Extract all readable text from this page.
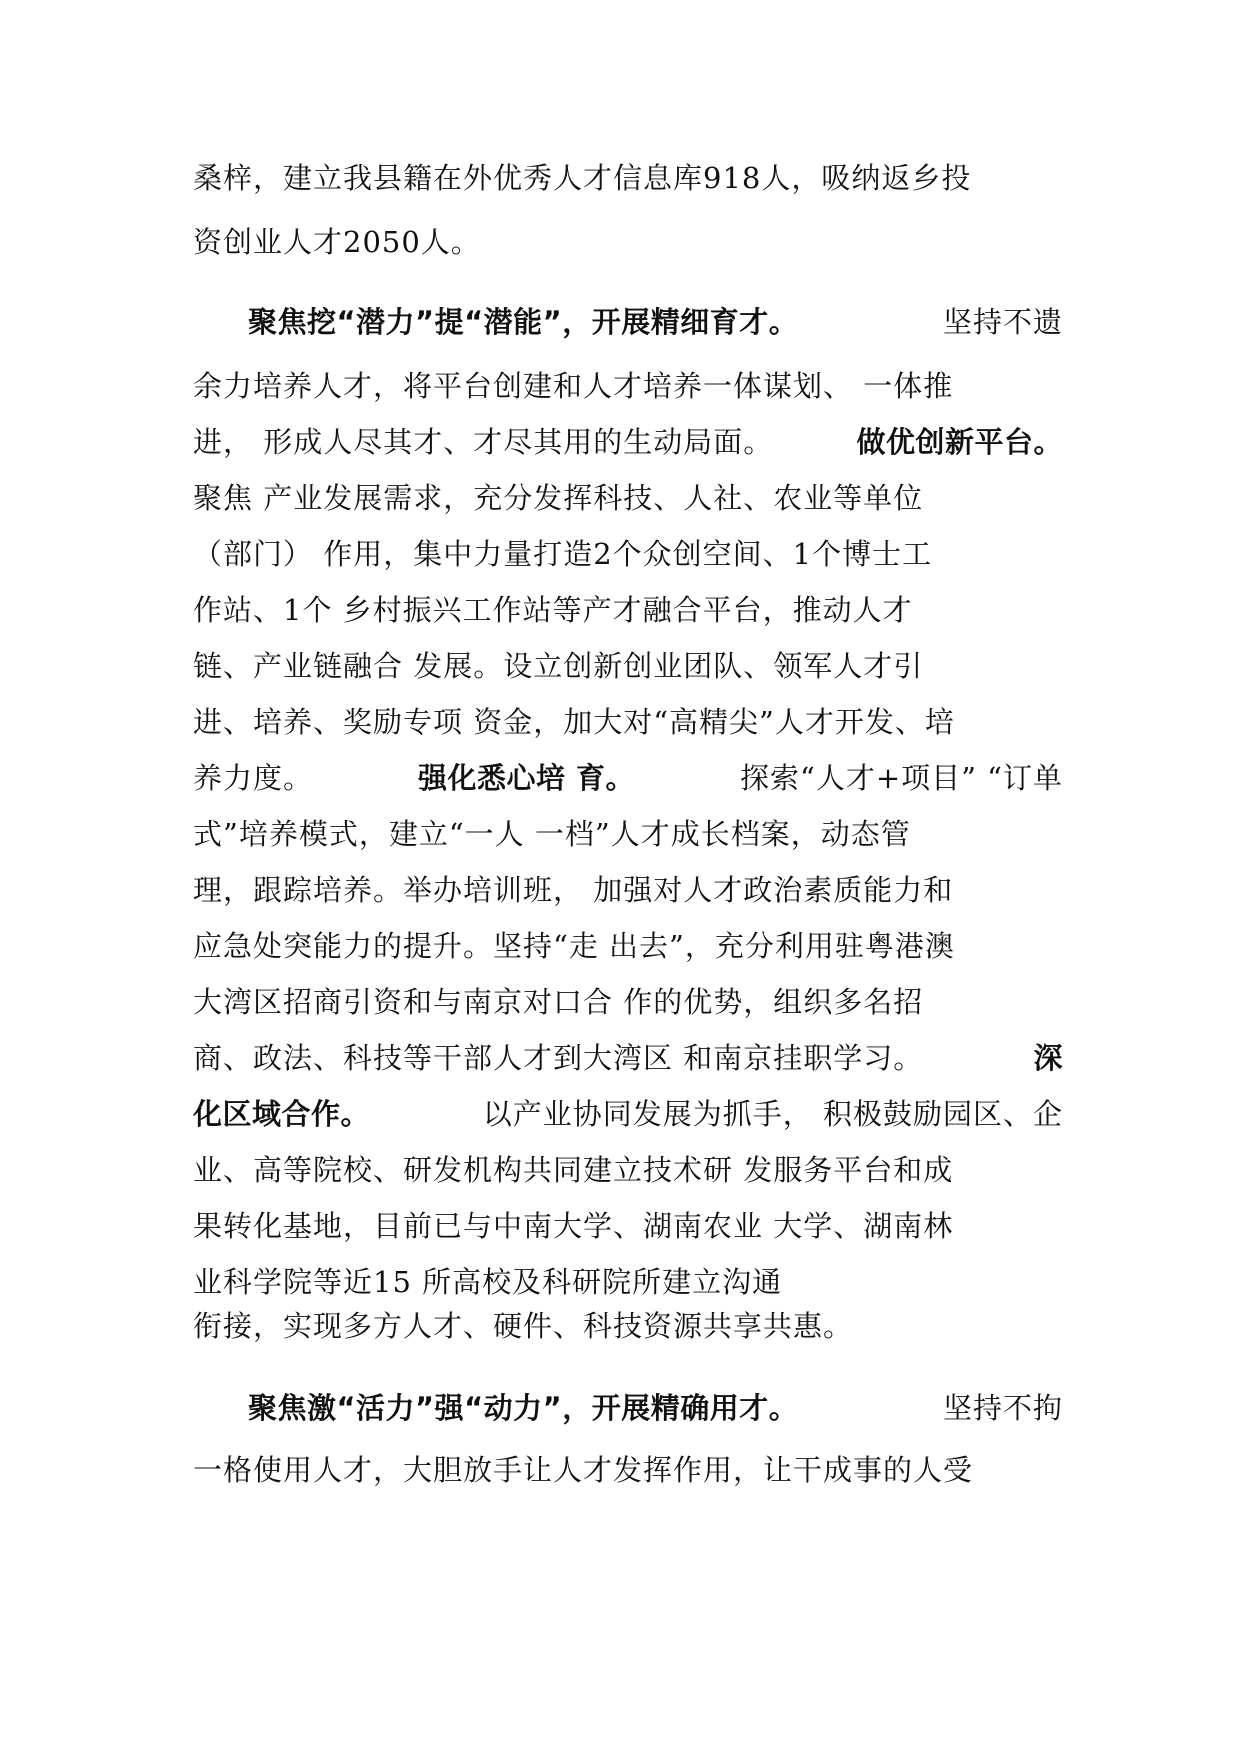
桑梓，建立我县籍在外优秀人才信息库918人，吸纳返乡投
资创业人才2050人。
聚焦挖“潜力”提“潜能”，开展精细育才。	坚持不遗
余力培养人才，将平台创建和人才培养一体谋划、 一体推
进， 形成人尽其才、才尽其用的生动局面。	做优创新平台。
聚焦 产业发展需求，充分发挥科技、人社、农业等单位
（部门） 作用，集中力量打造2个众创空间、1个博士工
作站、1个 乡村振兴工作站等产才融合平台，推动人才
链、产业链融合 发展。设立创新创业团队、领军人才引
进、培养、奖励专项 资金，加大对“高精尖”人才开发、培
养力度。	强化悉心培 育。	探索“人才+项目” “订单
式”培养模式，建立“一人 一档”人才成长档案，动态管
理，跟踪培养。举办培训班， 加强对人才政治素质能力和
应急处突能力的提升。坚持“走 出去”，充分利用驻粤港澳
大湾区招商引资和与南京对口合 作的优势，组织多名招
商、政法、科技等干部人才到大湾区 和南京挂职学习。	深
化区域合作。	以产业协同发展为抓手， 积极鼓励园区、企
业、高等院校、研发机构共同建立技术研 发服务平台和成
果转化基地，目前已与中南大学、湖南农业 大学、湖南林
业科学院等近15 所高校及科研院所建立沟通
衔接，实现多方人才、硬件、科技资源共享共惠。
聚焦激“活力”强“动力”，开展精确用才。	坚持不拘
一格使用人才，大胆放手让人才发挥作用，让干成事的人受
